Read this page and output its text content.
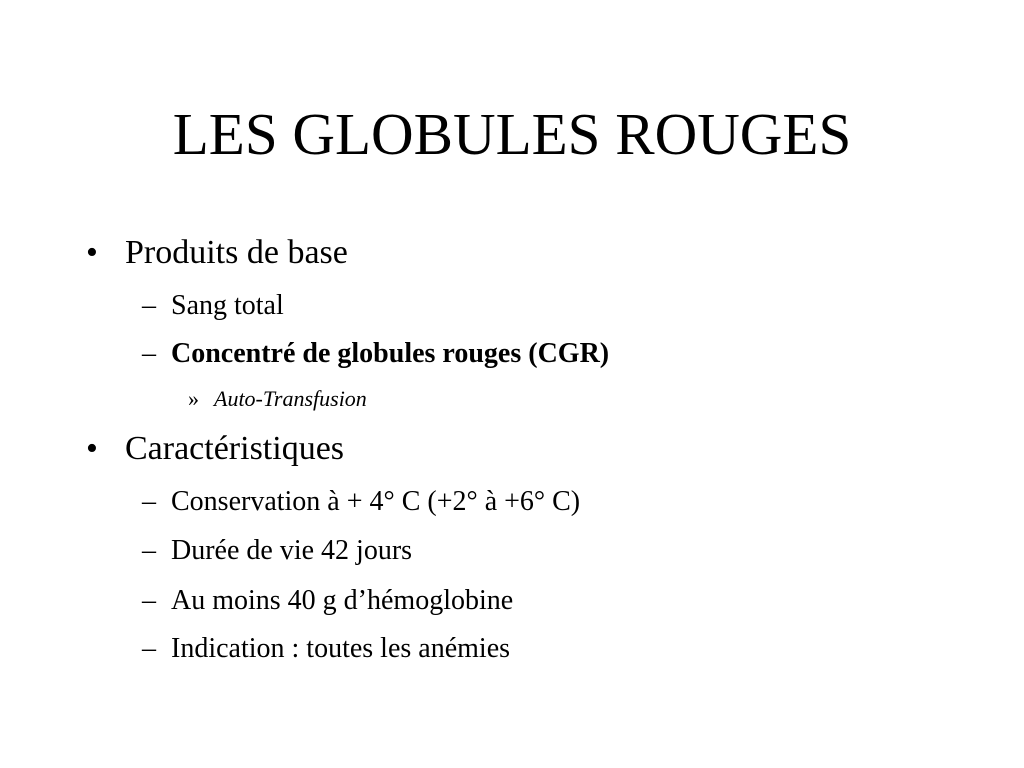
LES GLOBULES ROUGES
• Produits de base
– Sang total
– Concentré de globules rouges (CGR)
» Auto-Transfusion
• Caractéristiques
– Conservation à + 4° C (+2° à +6° C)
– Durée de vie 42 jours
– Au moins 40 g d’hémoglobine
– Indication : toutes les anémies
